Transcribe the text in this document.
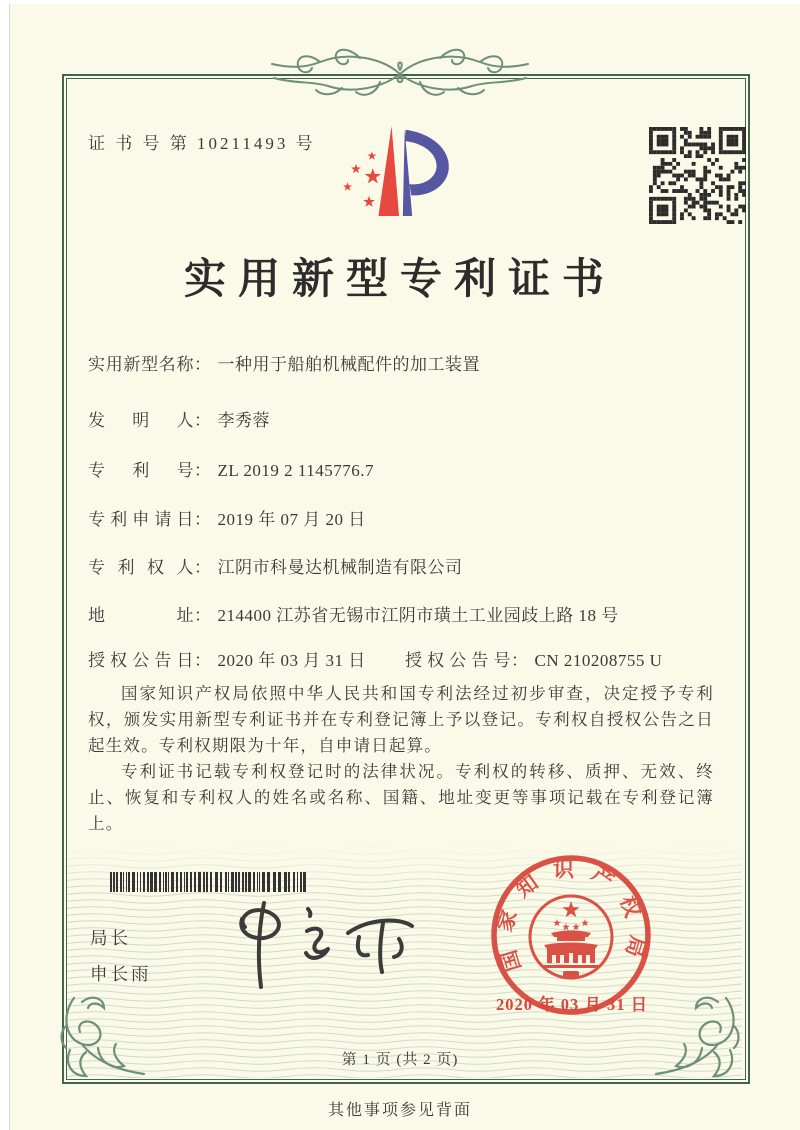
证 书 号 第 10211493 号
实用新型专利证书
实用新型名称： 一种用于船舶机械配件的加工装置
发明人： 李秀蓉
专利号： ZL 2019 2 1145776.7
专利申请日： 2019 年 07 月 20 日
专利权人： 江阴市科曼达机械制造有限公司
地址： 214400 江苏省无锡市江阴市璜土工业园歧上路 18 号
授权公告日： 2020 年 03 月 31 日 授权公告号： CN 210208755 U

国家知识产权局依照中华人民共和国专利法经过初步审查，决定授予专利权，颁发实用新型专利证书并在专利登记簿上予以登记。专利权自授权公告之日起生效。专利权期限为十年，自申请日起算。

专利证书记载专利权登记时的法律状况。专利权的转移、质押、无效、终止、恢复和专利权人的姓名或名称、国籍、地址变更等事项记载在专利登记簿上。

局长
申长雨	国家知识产权局
2020 年 03 月 31 日
第 1 页 (共 2 页)
其他事项参见背面
